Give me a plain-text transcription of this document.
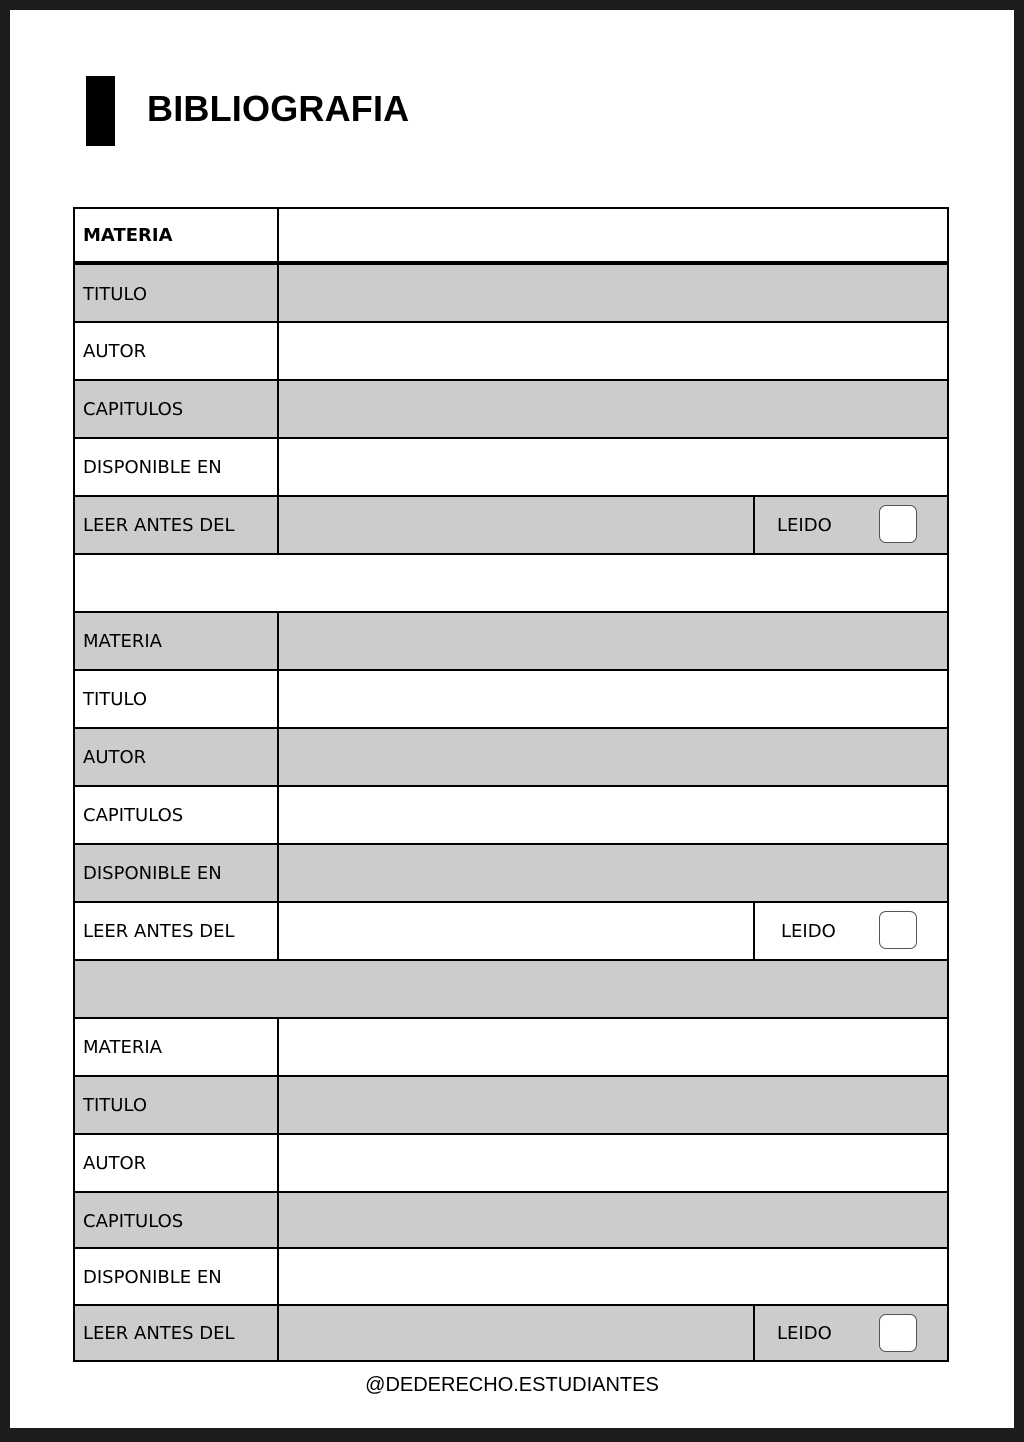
BIBLIOGRAFIA
MATERIA
TITULO
AUTOR
CAPITULOS
DISPONIBLE EN
LEER ANTES DEL	LEIDO
MATERIA
TITULO
AUTOR
CAPITULOS
DISPONIBLE EN
LEER ANTES DEL	LEIDO
MATERIA
TITULO
AUTOR
CAPITULOS
DISPONIBLE EN
LEER ANTES DEL	LEIDO
@DEDERECHO.ESTUDIANTES
